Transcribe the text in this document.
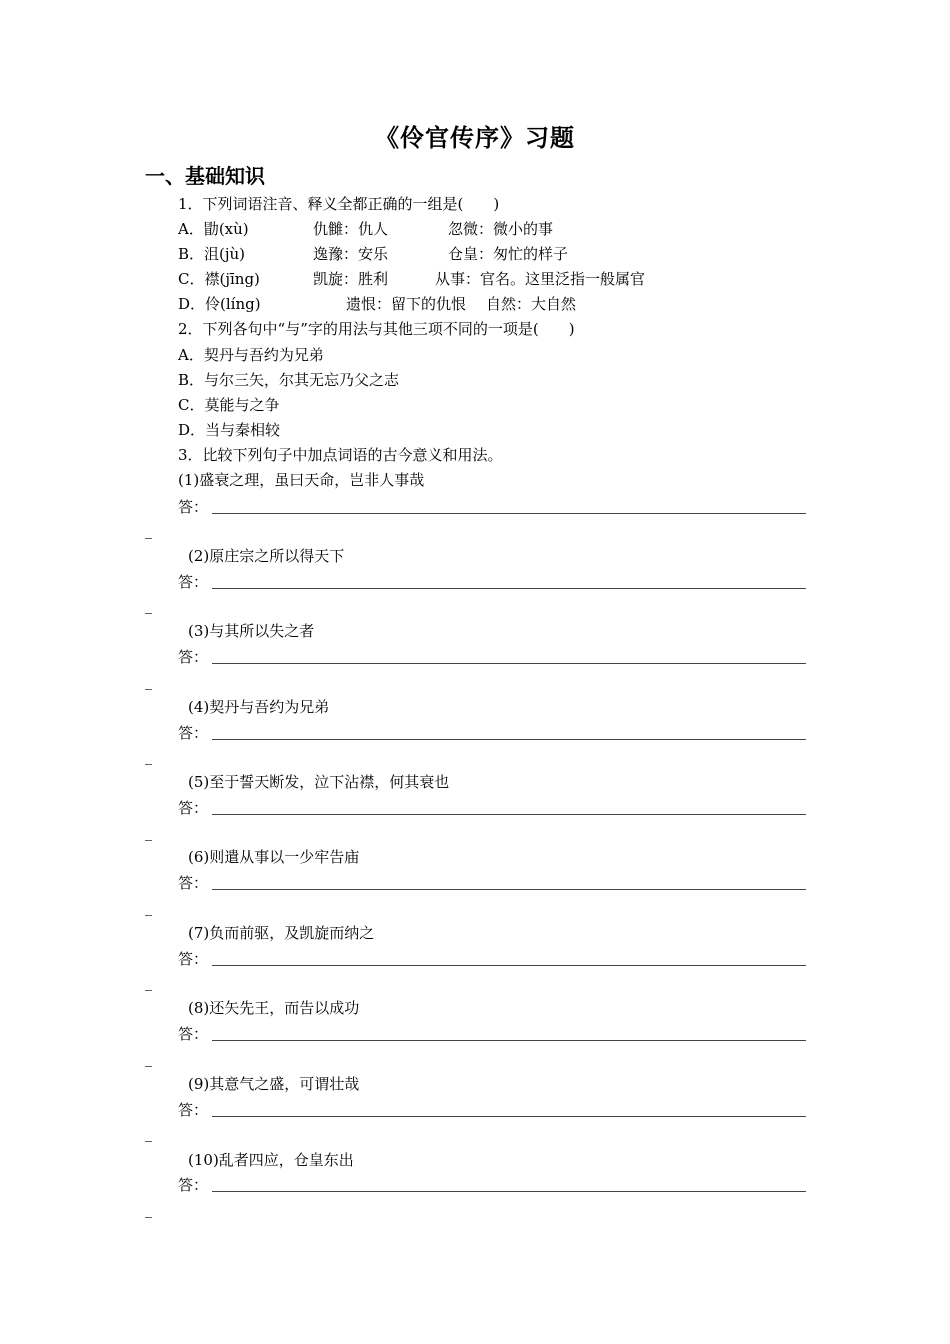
《伶官传序》习题
一、基础知识
1．下列词语注音、释义全都正确的一组是(　　)
A．勖(xù)	仇雠：仇人	忽微：微小的事
B．沮(jù)	逸豫：安乐	仓皇：匆忙的样子
C．襟(jīng)	凯旋：胜利	从事：官名。这里泛指一般属官
D．伶(líng)	遗恨：留下的仇恨 自然：大自然
2．下列各句中“与”字的用法与其他三项不同的一项是(　　)
A．契丹与吾约为兄弟
B．与尔三矢，尔其无忘乃父之志
C．莫能与之争
D．当与秦相较
3．比较下列句子中加点词语的古今意义和用法。
(1)盛衰之理，虽曰天命，岂非人事哉
答：
(2)原庄宗之所以得天下
答：
(3)与其所以失之者
答：
(4)契丹与吾约为兄弟
答：
(5)至于誓天断发，泣下沾襟，何其衰也
答：
(6)则遣从事以一少牢告庙
答：
(7)负而前驱，及凯旋而纳之
答：
(8)还矢先王，而告以成功
答：
(9)其意气之盛，可谓壮哉
答：
(10)乱者四应，仓皇东出
答：
